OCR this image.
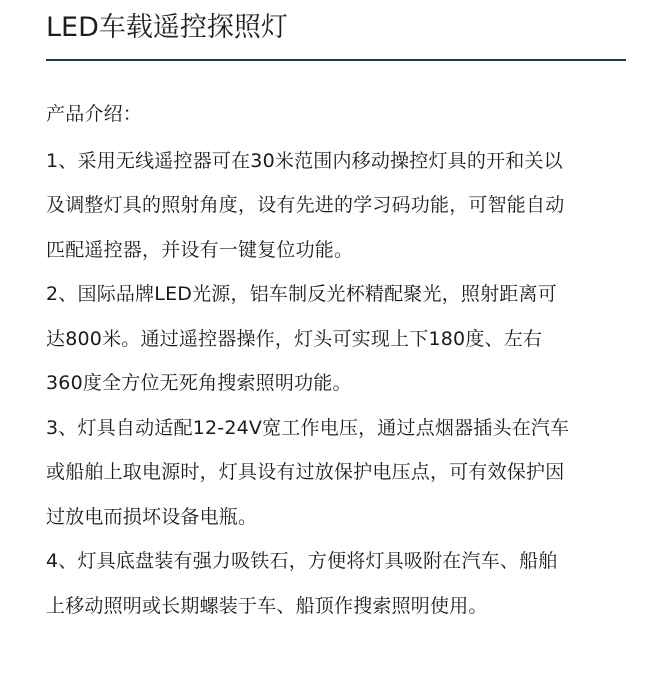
LED车载遥控探照灯
产品介绍：
1、采用无线遥控器可在30米范围内移动操控灯具的开和关以
及调整灯具的照射角度，设有先进的学习码功能，可智能自动
匹配遥控器，并设有一键复位功能。
2、国际品牌LED光源，铝车制反光杯精配聚光，照射距离可
达800米。通过遥控器操作，灯头可实现上下180度、左右
360度全方位无死角搜索照明功能。
3、灯具自动适配12-24V宽工作电压，通过点烟器插头在汽车
或船舶上取电源时，灯具设有过放保护电压点，可有效保护因
过放电而损坏设备电瓶。
4、灯具底盘装有强力吸铁石，方便将灯具吸附在汽车、船舶
上移动照明或长期螺装于车、船顶作搜索照明使用。
